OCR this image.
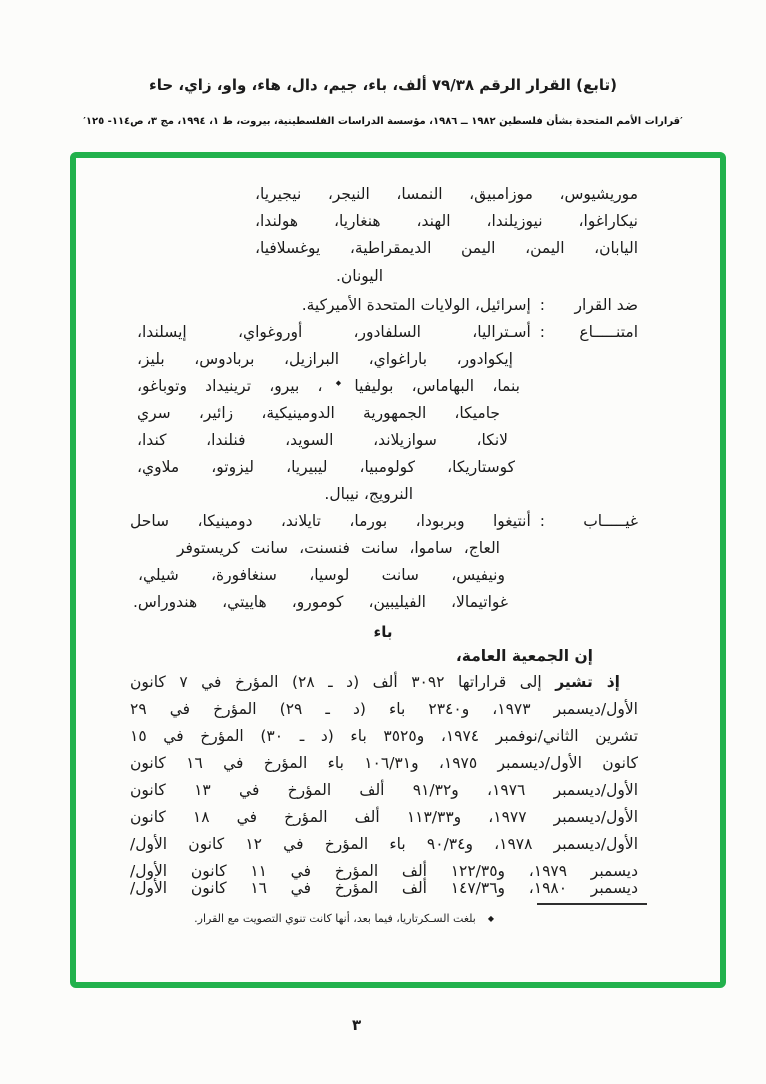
(تابع) القرار الرقم ٧٩/٣٨ ألف، باء، جيم، دال، هاء، واو، زاي، حاء
′قرارات الأمم المتحدة بشأن فلسطين ١٩٨٢ ــ ١٩٨٦، مؤسسة الدراسات الفلسطينية، بيروت، ط ١، ١٩٩٤، مج ٣، ص١١٤- ١٢٥′
موريشيوس، موزامبيق، النمسا، النيجر، نيجيريا،
نيكاراغوا، نيوزيلندا، الهند، هنغاريا، هولندا،
اليابان، اليمن، اليمن الديمقراطية، يوغسلافيا،
اليونان.
ضد القرار
:
إسرائيل، الولايات المتحدة الأميركية.
امتنـــــاع
:
أسـتراليا، السلفادور، أوروغواي، إيسلندا،
إيكوادور، باراغواي، البرازيل، بربادوس، بليز،
بنما، البهاماس، بوليفيا◆، بيرو، ترينيداد وتوباغو،
جاميكا، الجمهورية الدومينيكية، زائير، سري
لانكا، سوازيلاند، السويد، فنلندا، كندا،
كوستاريكا، كولومبيا، ليبيريا، ليزوتو، ملاوي،
النرويج، نيبال.
غيـــــاب
:
أنتيغوا وبربودا، بورما، تايلاند، دومينيكا، ساحل
العاج، ساموا، سانت فنسنت، سانت كريستوفر
ونيفيس، سانت لوسيا، سنغافورة، شيلي،
غواتيمالا، الفيليبين، كومورو، هاييتي، هندوراس.
باء
إن الجمعية العامة،
إذ تشير إلى قراراتها ٣٠٩٢ ألف (د ـ ٢٨) المؤرخ في ٧ كانون
الأول/ديسمبر ١٩٧٣، و٢٣٤٠ باء (د ـ ٢٩) المؤرخ في ٢٩
تشرين الثاني/نوفمبر ١٩٧٤، و٣٥٢٥ باء (د ـ ٣٠) المؤرخ في ١٥
كانون الأول/ديسمبر ١٩٧٥، و١٠٦/٣١ باء المؤرخ في ١٦ كانون
الأول/ديسمبر ١٩٧٦، و٩١/٣٢ ألف المؤرخ في ١٣ كانون
الأول/ديسمبر ١٩٧٧، و١١٣/٣٣ ألف المؤرخ في ١٨ كانون
الأول/ديسمبر ١٩٧٨، و٩٠/٣٤ باء المؤرخ في ١٢ كانون الأول/
ديسمبر ١٩٧٩، و١٢٢/٣٥ ألف المؤرخ في ١١ كانون الأول/
ديسمبر ١٩٨٠، و١٤٧/٣٦ ألف المؤرخ في ١٦ كانون الأول/
◆
بلغت السـكرتاريا، فيما بعد، أنها كانت تنوي التصويت مع القرار.
٣
